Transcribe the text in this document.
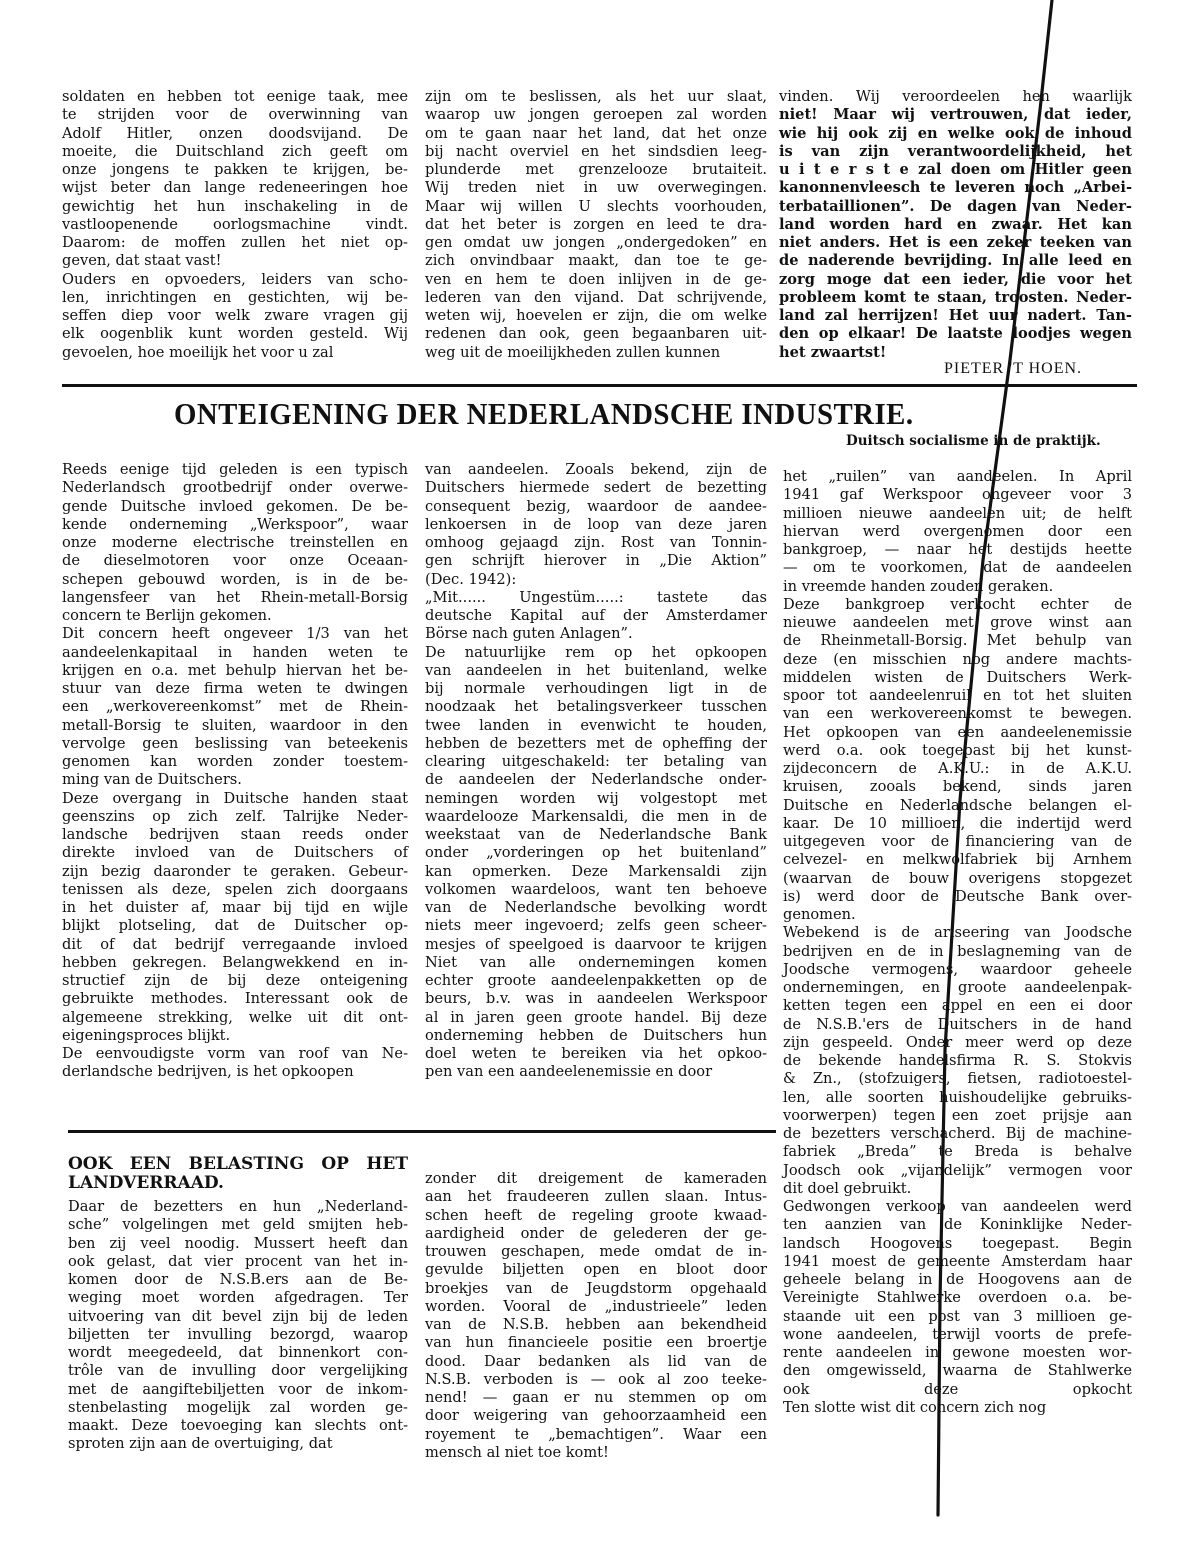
soldaten en hebben tot eenige taak, mee
te strijden voor de overwinning van
Adolf Hitler, onzen doodsvijand. De
moeite, die Duitschland zich geeft om
onze jongens te pakken te krijgen, be-
wijst beter dan lange redeneeringen hoe
gewichtig het hun inschakeling in de
vastloopenende oorlogsmachine vindt.
Daarom: de moffen zullen het niet op-
geven, dat staat vast!
Ouders en opvoeders, leiders van scho-
len, inrichtingen en gestichten, wij be-
seffen diep voor welk zware vragen gij
elk oogenblik kunt worden gesteld. Wij
gevoelen, hoe moeilijk het voor u zal
zijn om te beslissen, als het uur slaat,
waarop uw jongen geroepen zal worden
om te gaan naar het land, dat het onze
bij nacht overviel en het sindsdien leeg-
plunderde met grenzelooze brutaiteit.
Wij treden niet in uw overwegingen.
Maar wij willen U slechts voorhouden,
dat het beter is zorgen en leed te dra-
gen omdat uw jongen „ondergedoken” en
zich onvindbaar maakt, dan toe te ge-
ven en hem te doen inlijven in de ge-
lederen van den vijand. Dat schrijvende,
weten wij, hoevelen er zijn, die om welke
redenen dan ook, geen begaanbaren uit-
weg uit de moeilijkheden zullen kunnen
vinden. Wij veroordeelen hen waarlijk
niet! Maar wij vertrouwen, dat ieder,
wie hij ook zij en welke ook de inhoud
is van zijn verantwoordelijkheid, het
u i t e r s t e zal doen om Hitler geen
kanonnenvleesch te leveren noch „Arbei-
terbataillionen”. De dagen van Neder-
land worden hard en zwaar. Het kan
niet anders. Het is een zeker teeken van
de naderende bevrijding. In alle leed en
zorg moge dat een ieder, die voor het
probleem komt te staan, troosten. Neder-
land zal herrijzen! Het uur nadert. Tan-
den op elkaar! De laatste loodjes wegen
het zwaartst!
PIETER 'T HOEN.
ONTEIGENING DER NEDERLANDSCHE INDUSTRIE.
Duitsch socialisme in de praktijk.
Reeds eenige tijd geleden is een typisch
Nederlandsch grootbedrijf onder overwe-
gende Duitsche invloed gekomen. De be-
kende onderneming „Werkspoor”, waar
onze moderne electrische treinstellen en
de dieselmotoren voor onze Oceaan-
schepen gebouwd worden, is in de be-
langensfeer van het Rhein-metall-Borsig
concern te Berlijn gekomen.
Dit concern heeft ongeveer 1/3 van het
aandeelenkapitaal in handen weten te
krijgen en o.a. met behulp hiervan het be-
stuur van deze firma weten te dwingen
een „werkovereenkomst” met de Rhein-
metall-Borsig te sluiten, waardoor in den
vervolge geen beslissing van beteekenis
genomen kan worden zonder toestem-
ming van de Duitschers.
Deze overgang in Duitsche handen staat
geenszins op zich zelf. Talrijke Neder-
landsche bedrijven staan reeds onder
direkte invloed van de Duitschers of
zijn bezig daaronder te geraken. Gebeur-
tenissen als deze, spelen zich doorgaans
in het duister af, maar bij tijd en wijle
blijkt plotseling, dat de Duitscher op-
dit of dat bedrijf verregaande invloed
hebben gekregen. Belangwekkend en in-
structief zijn de bij deze onteigening
gebruikte methodes. Interessant ook de
algemeene strekking, welke uit dit ont-
eigeningsproces blijkt.
De eenvoudigste vorm van roof van Ne-
derlandsche bedrijven, is het opkoopen
van aandeelen. Zooals bekend, zijn de
Duitschers hiermede sedert de bezetting
consequent bezig, waardoor de aandee-
lenkoersen in de loop van deze jaren
omhoog gejaagd zijn. Rost van Tonnin-
gen schrijft hierover in „Die Aktion”
(Dec. 1942):
„Mit...... Ungestüm.....: tastete das
deutsche Kapital auf der Amsterdamer
Börse nach guten Anlagen”.
De natuurlijke rem op het opkoopen
van aandeelen in het buitenland, welke
bij normale verhoudingen ligt in de
noodzaak het betalingsverkeer tusschen
twee landen in evenwicht te houden,
hebben de bezetters met de opheffing der
clearing uitgeschakeld: ter betaling van
de aandeelen der Nederlandsche onder-
nemingen worden wij volgestopt met
waardelooze Markensaldi, die men in de
weekstaat van de Nederlandsche Bank
onder „vorderingen op het buitenland”
kan opmerken. Deze Markensaldi zijn
volkomen waardeloos, want ten behoeve
van de Nederlandsche bevolking wordt
niets meer ingevoerd; zelfs geen scheer-
mesjes of speelgoed is daarvoor te krijgen
Niet van alle ondernemingen komen
echter groote aandeelenpakketten op de
beurs, b.v. was in aandeelen Werkspoor
al in jaren geen groote handel. Bij deze
onderneming hebben de Duitschers hun
doel weten te bereiken via het opkoo-
pen van een aandeelenemissie en door
het „ruilen” van aandeelen. In April
1941 gaf Werkspoor ongeveer voor 3
millioen nieuwe aandeelen uit; de helft
hiervan werd overgenomen door een
bankgroep, — naar het destijds heette
— om te voorkomen, dat de aandeelen
in vreemde handen zouden geraken.
Deze bankgroep verkocht echter de
nieuwe aandeelen met grove winst aan
de Rheinmetall-Borsig. Met behulp van
deze (en misschien nog andere machts-
middelen wisten de Duitschers Werk-
spoor tot aandeelenruil en tot het sluiten
van een werkovereenkomst te bewegen.
Het opkoopen van een aandeelenemissie
werd o.a. ook toegepast bij het kunst-
zijdeconcern de A.K.U.: in de A.K.U.
kruisen, zooals bekend, sinds jaren
Duitsche en Nederlandsche belangen el-
kaar. De 10 millioen, die indertijd werd
uitgegeven voor de financiering van de
celvezel- en melkwolfabriek bij Arnhem
(waarvan de bouw overigens stopgezet
is) werd door de Deutsche Bank over-
genomen.
Webekend is de ariseering van Joodsche
bedrijven en de in beslagneming van de
Joodsche vermogens, waardoor geheele
ondernemingen, en groote aandeelenpak-
ketten tegen een appel en een ei door
de N.S.B.'ers de Duitschers in de hand
zijn gespeeld. Onder meer werd op deze
de bekende handelsfirma R. S. Stokvis
& Zn., (stofzuigers, fietsen, radiotoestel-
len, alle soorten huishoudelijke gebruiks-
voorwerpen) tegen een zoet prijsje aan
de bezetters verschacherd. Bij de machine-
fabriek „Breda” te Breda is behalve
Joodsch ook „vijandelijk” vermogen voor
dit doel gebruikt.
Gedwongen verkoop van aandeelen werd
ten aanzien van de Koninklijke Neder-
landsch Hoogovens toegepast. Begin
1941 moest de gemeente Amsterdam haar
geheele belang in de Hoogovens aan de
Vereinigte Stahlwerke overdoen o.a. be-
staande uit een post van 3 millioen ge-
wone aandeelen, terwijl voorts de prefe-
rente aandeelen in gewone moesten wor-
den omgewisseld, waarna de Stahlwerke
ook deze opkocht
Ten slotte wist dit concern zich nog
OOK EEN BELASTING OP HET
LANDVERRAAD.
Daar de bezetters en hun „Nederland-
sche” volgelingen met geld smijten heb-
ben zij veel noodig. Mussert heeft dan
ook gelast, dat vier procent van het in-
komen door de N.S.B.ers aan de Be-
weging moet worden afgedragen. Ter
uitvoering van dit bevel zijn bij de leden
biljetten ter invulling bezorgd, waarop
wordt meegedeeld, dat binnenkort con-
trôle van de invulling door vergelijking
met de aangiftebiljetten voor de inkom-
stenbelasting mogelijk zal worden ge-
maakt. Deze toevoeging kan slechts ont-
sproten zijn aan de overtuiging, dat
zonder dit dreigement de kameraden
aan het fraudeeren zullen slaan. Intus-
schen heeft de regeling groote kwaad-
aardigheid onder de gelederen der ge-
trouwen geschapen, mede omdat de in-
gevulde biljetten open en bloot door
broekjes van de Jeugdstorm opgehaald
worden. Vooral de „industrieele” leden
van de N.S.B. hebben aan bekendheid
van hun financieele positie een broertje
dood. Daar bedanken als lid van de
N.S.B. verboden is — ook al zoo teeke-
nend! — gaan er nu stemmen op om
door weigering van gehoorzaamheid een
royement te „bemachtigen”. Waar een
mensch al niet toe komt!
